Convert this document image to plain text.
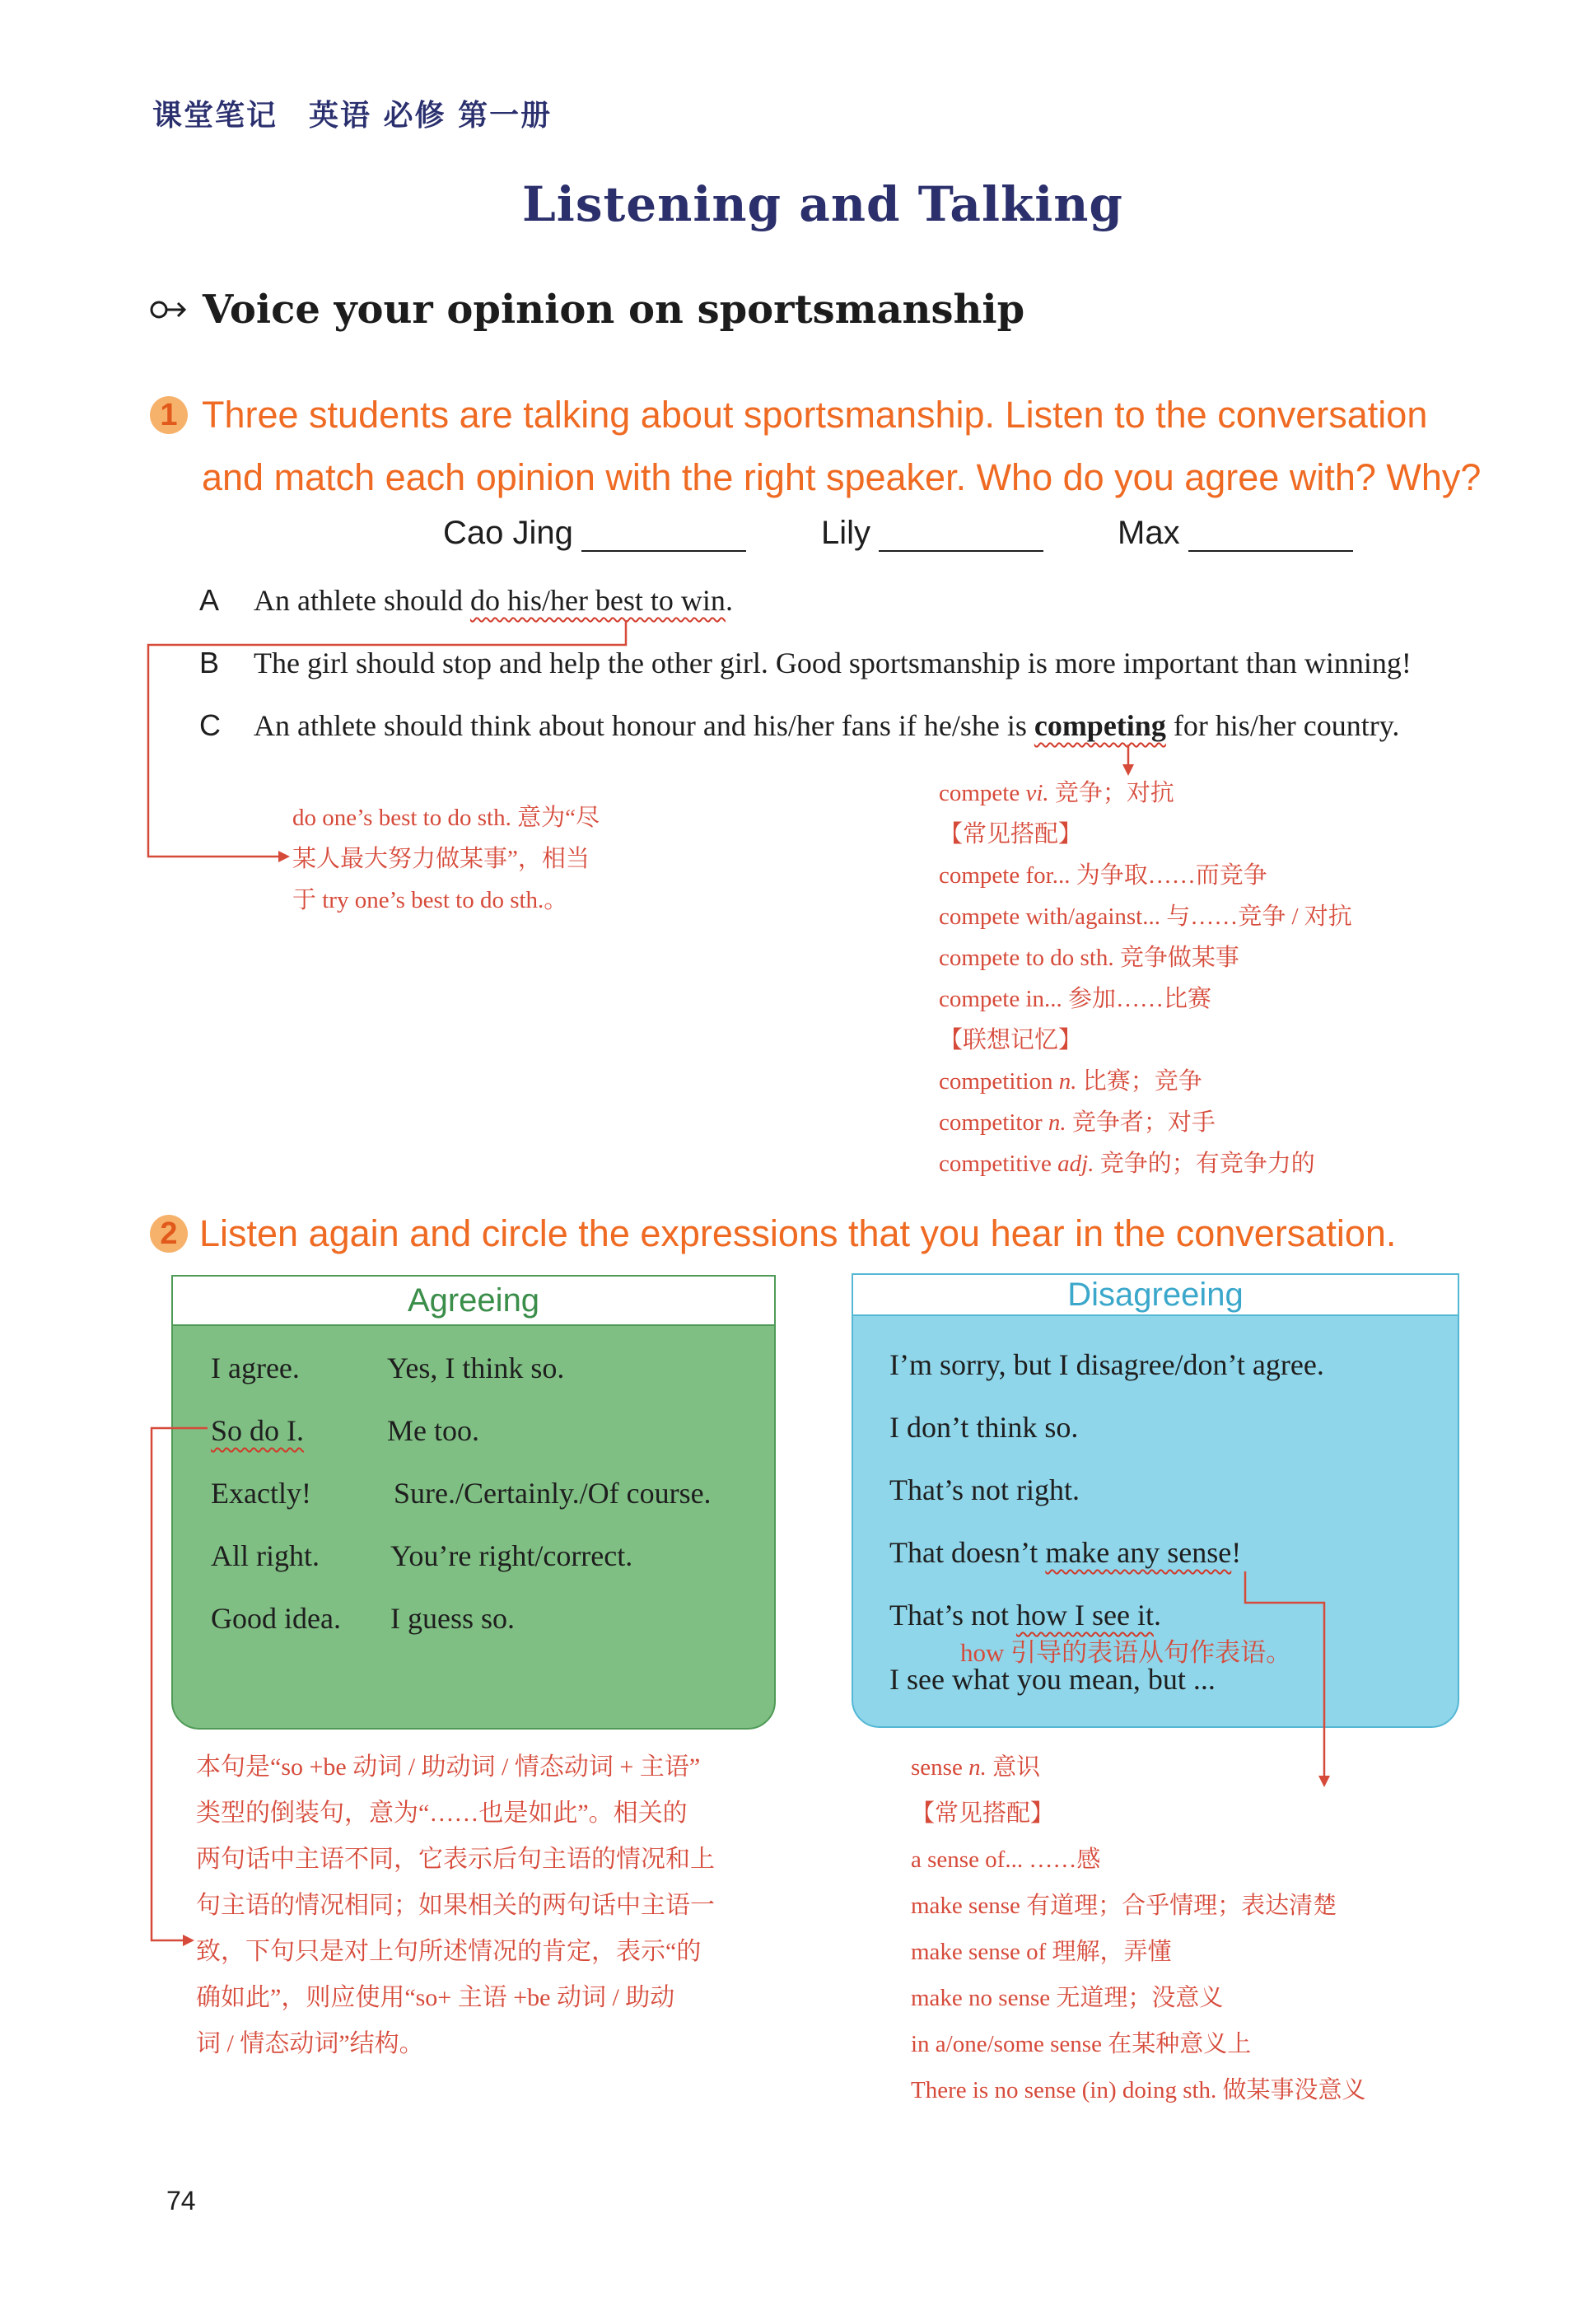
课堂笔记　英语 必修 第一册
Listening and Talking
Voice your opinion on sportsmanship
1 Three students are talking about sportsmanship. Listen to the conversation
and match each opinion with the right speaker. Who do you agree with? Why?
Cao Jing	Lily	Max
A An athlete should do his/her best to win.
B The girl should stop and help the other girl. Good sportsmanship is more important than winning!
C An athlete should think about honour and his/her fans if he/she is competing for his/her country.
do one’s best to do sth. 意为“尽
某人最大努力做某事”，相当
于 try one’s best to do sth.。
compete vi. 竞争；对抗
【常见搭配】
compete for... 为争取……而竞争
compete with/against... 与……竞争 / 对抗
compete to do sth. 竞争做某事
compete in... 参加……比赛
【联想记忆】
competition n. 比赛；竞争
competitor n. 竞争者；对手
competitive adj. 竞争的；有竞争力的
2 Listen again and circle the expressions that you hear in the conversation.
Agreeing
I agree.
So do I.
Exactly!
All right.
Good idea.
Yes, I think so.
Me too.
Sure./Certainly./Of course.
You’re right/correct.
I guess so.
Disagreeing
I’m sorry, but I disagree/don’t agree.
I don’t think so.
That’s not right.
That doesn’t make any sense!
That’s not how I see it.
how 引导的表语从句作表语。
I see what you mean, but ...
本句是“so +be 动词 / 助动词 / 情态动词 + 主语”
类型的倒装句，意为“……也是如此”。相关的
两句话中主语不同，它表示后句主语的情况和上
句主语的情况相同；如果相关的两句话中主语一
致，下句只是对上句所述情况的肯定，表示“的
确如此”，则应使用“so+ 主语 +be 动词 / 助动
词 / 情态动词”结构。
sense n. 意识
【常见搭配】
a sense of... ……感
make sense 有道理；合乎情理；表达清楚
make sense of 理解，弄懂
make no sense 无道理；没意义
in a/one/some sense 在某种意义上
There is no sense (in) doing sth. 做某事没意义
74
